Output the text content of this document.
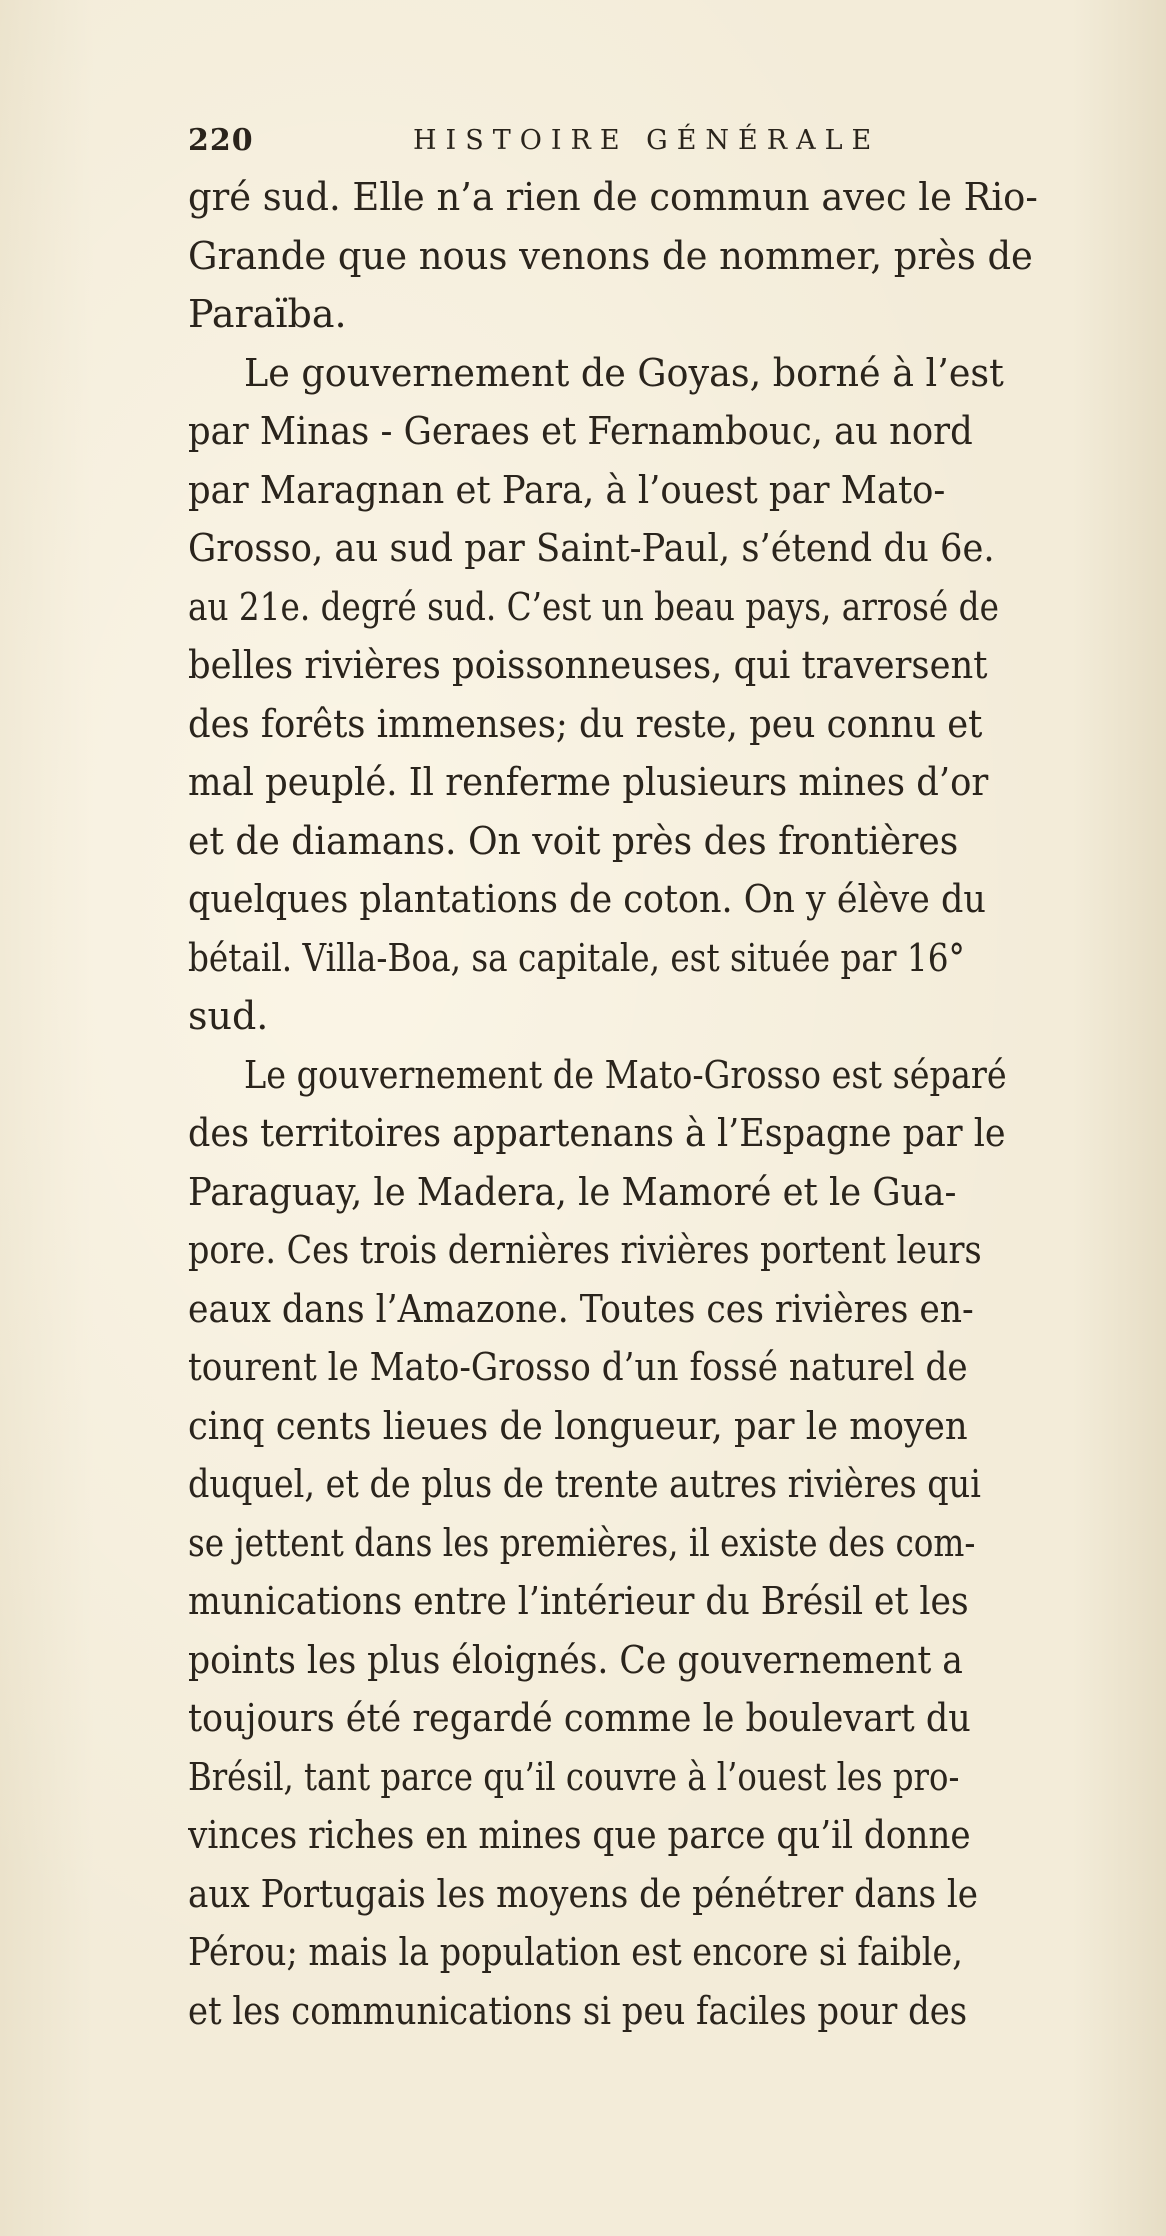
220	HISTOIRE GÉNÉRALE
gré sud. Elle n’a rien de commun avec le Rio-
Grande que nous venons de nommer, près de
Paraïba.
Le gouvernement de Goyas, borné à l’est
par Minas - Geraes et Fernambouc, au nord
par Maragnan et Para, à l’ouest par Mato-
Grosso, au sud par Saint-Paul, s’étend du 6e.
au 21e. degré sud. C’est un beau pays, arrosé de
belles rivières poissonneuses, qui traversent
des forêts immenses; du reste, peu connu et
mal peuplé. Il renferme plusieurs mines d’or
et de diamans. On voit près des frontières
quelques plantations de coton. On y élève du
bétail. Villa-Boa, sa capitale, est située par 16°
sud.
Le gouvernement de Mato-Grosso est séparé
des territoires appartenans à l’Espagne par le
Paraguay, le Madera, le Mamoré et le Gua-
pore. Ces trois dernières rivières portent leurs
eaux dans l’Amazone. Toutes ces rivières en-
tourent le Mato-Grosso d’un fossé naturel de
cinq cents lieues de longueur, par le moyen
duquel, et de plus de trente autres rivières qui
se jettent dans les premières, il existe des com-
munications entre l’intérieur du Brésil et les
points les plus éloignés. Ce gouvernement a
toujours été regardé comme le boulevart du
Brésil, tant parce qu’il couvre à l’ouest les pro-
vinces riches en mines que parce qu’il donne
aux Portugais les moyens de pénétrer dans le
Pérou; mais la population est encore si faible,
et les communications si peu faciles pour des
